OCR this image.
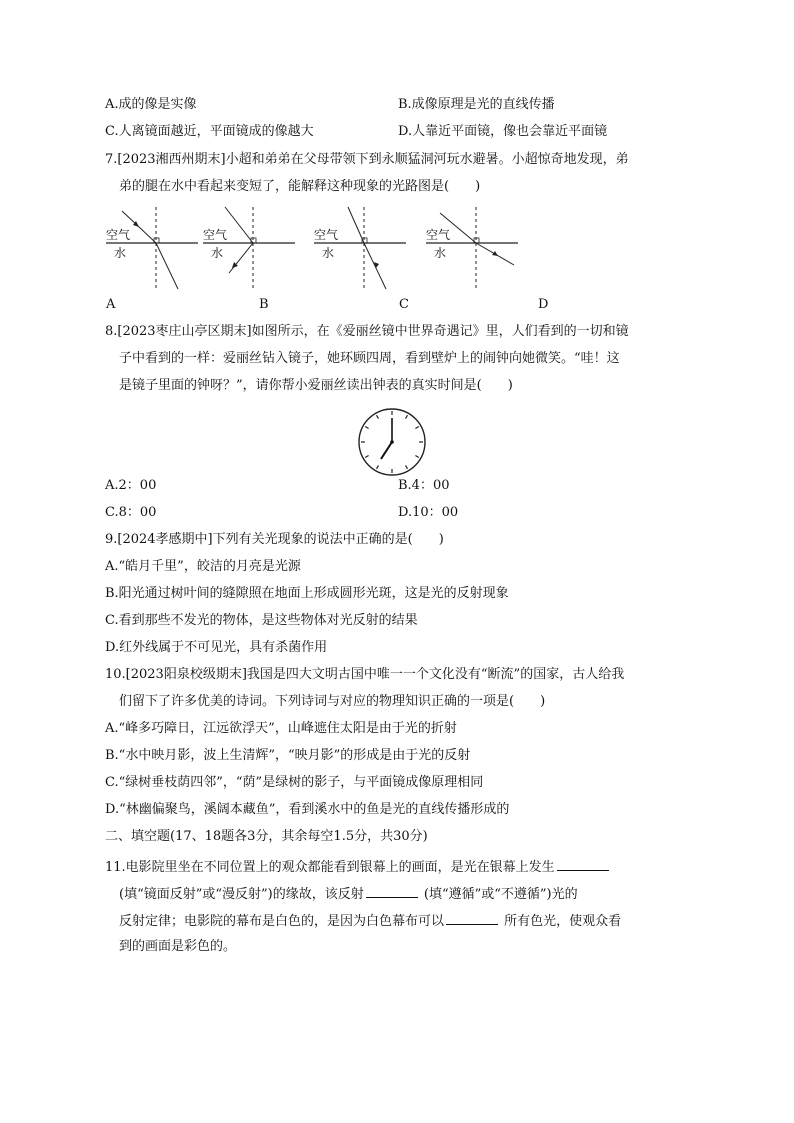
A.成的像是实像	B.成像原理是光的直线传播
C.人离镜面越近，平面镜成的像越大	D.人靠近平面镜，像也会靠近平面镜
7.[2023湘西州期末]小超和弟弟在父母带领下到永顺猛洞河玩水避暑。小超惊奇地发现，弟
弟的腿在水中看起来变短了，能解释这种现象的光路图是(　　)
空气
水
空气
水
空气
水
空气
水
A	B	C	D
8.[2023枣庄山亭区期末]如图所示，在《爱丽丝镜中世界奇遇记》里，人们看到的一切和镜
子中看到的一样：爱丽丝钻入镜子，她环顾四周，看到壁炉上的闹钟向她微笑。“哇！这
是镜子里面的钟呀？”，请你帮小爱丽丝读出钟表的真实时间是(　　)
A.2：00	B.4：00
C.8：00	D.10：00
9.[2024孝感期中]下列有关光现象的说法中正确的是(　　)
A.“皓月千里”，皎洁的月亮是光源
B.阳光通过树叶间的缝隙照在地面上形成圆形光斑，这是光的反射现象
C.看到那些不发光的物体，是这些物体对光反射的结果
D.红外线属于不可见光，具有杀菌作用
10.[2023阳泉校级期末]我国是四大文明古国中唯一一个文化没有“断流”的国家，古人给我
们留下了许多优美的诗词。下列诗词与对应的物理知识正确的一项是(　　)
A.“峰多巧障日，江远欲浮天”，山峰遮住太阳是由于光的折射
B.“水中映月影，波上生清辉”，“映月影”的形成是由于光的反射
C.“绿树垂枝荫四邻”，“荫”是绿树的影子，与平面镜成像原理相同
D.“林幽偏聚鸟，溪阔本藏鱼”，看到溪水中的鱼是光的直线传播形成的
二、填空题(17、18题各3分，其余每空1.5分，共30分)
11.电影院里坐在不同位置上的观众都能看到银幕上的画面，是光在银幕上发生
(填“镜面反射”或“漫反射”)的缘故，该反射	(填“遵循”或“不遵循”)光的
反射定律；电影院的幕布是白色的，是因为白色幕布可以	所有色光，使观众看
到的画面是彩色的。
